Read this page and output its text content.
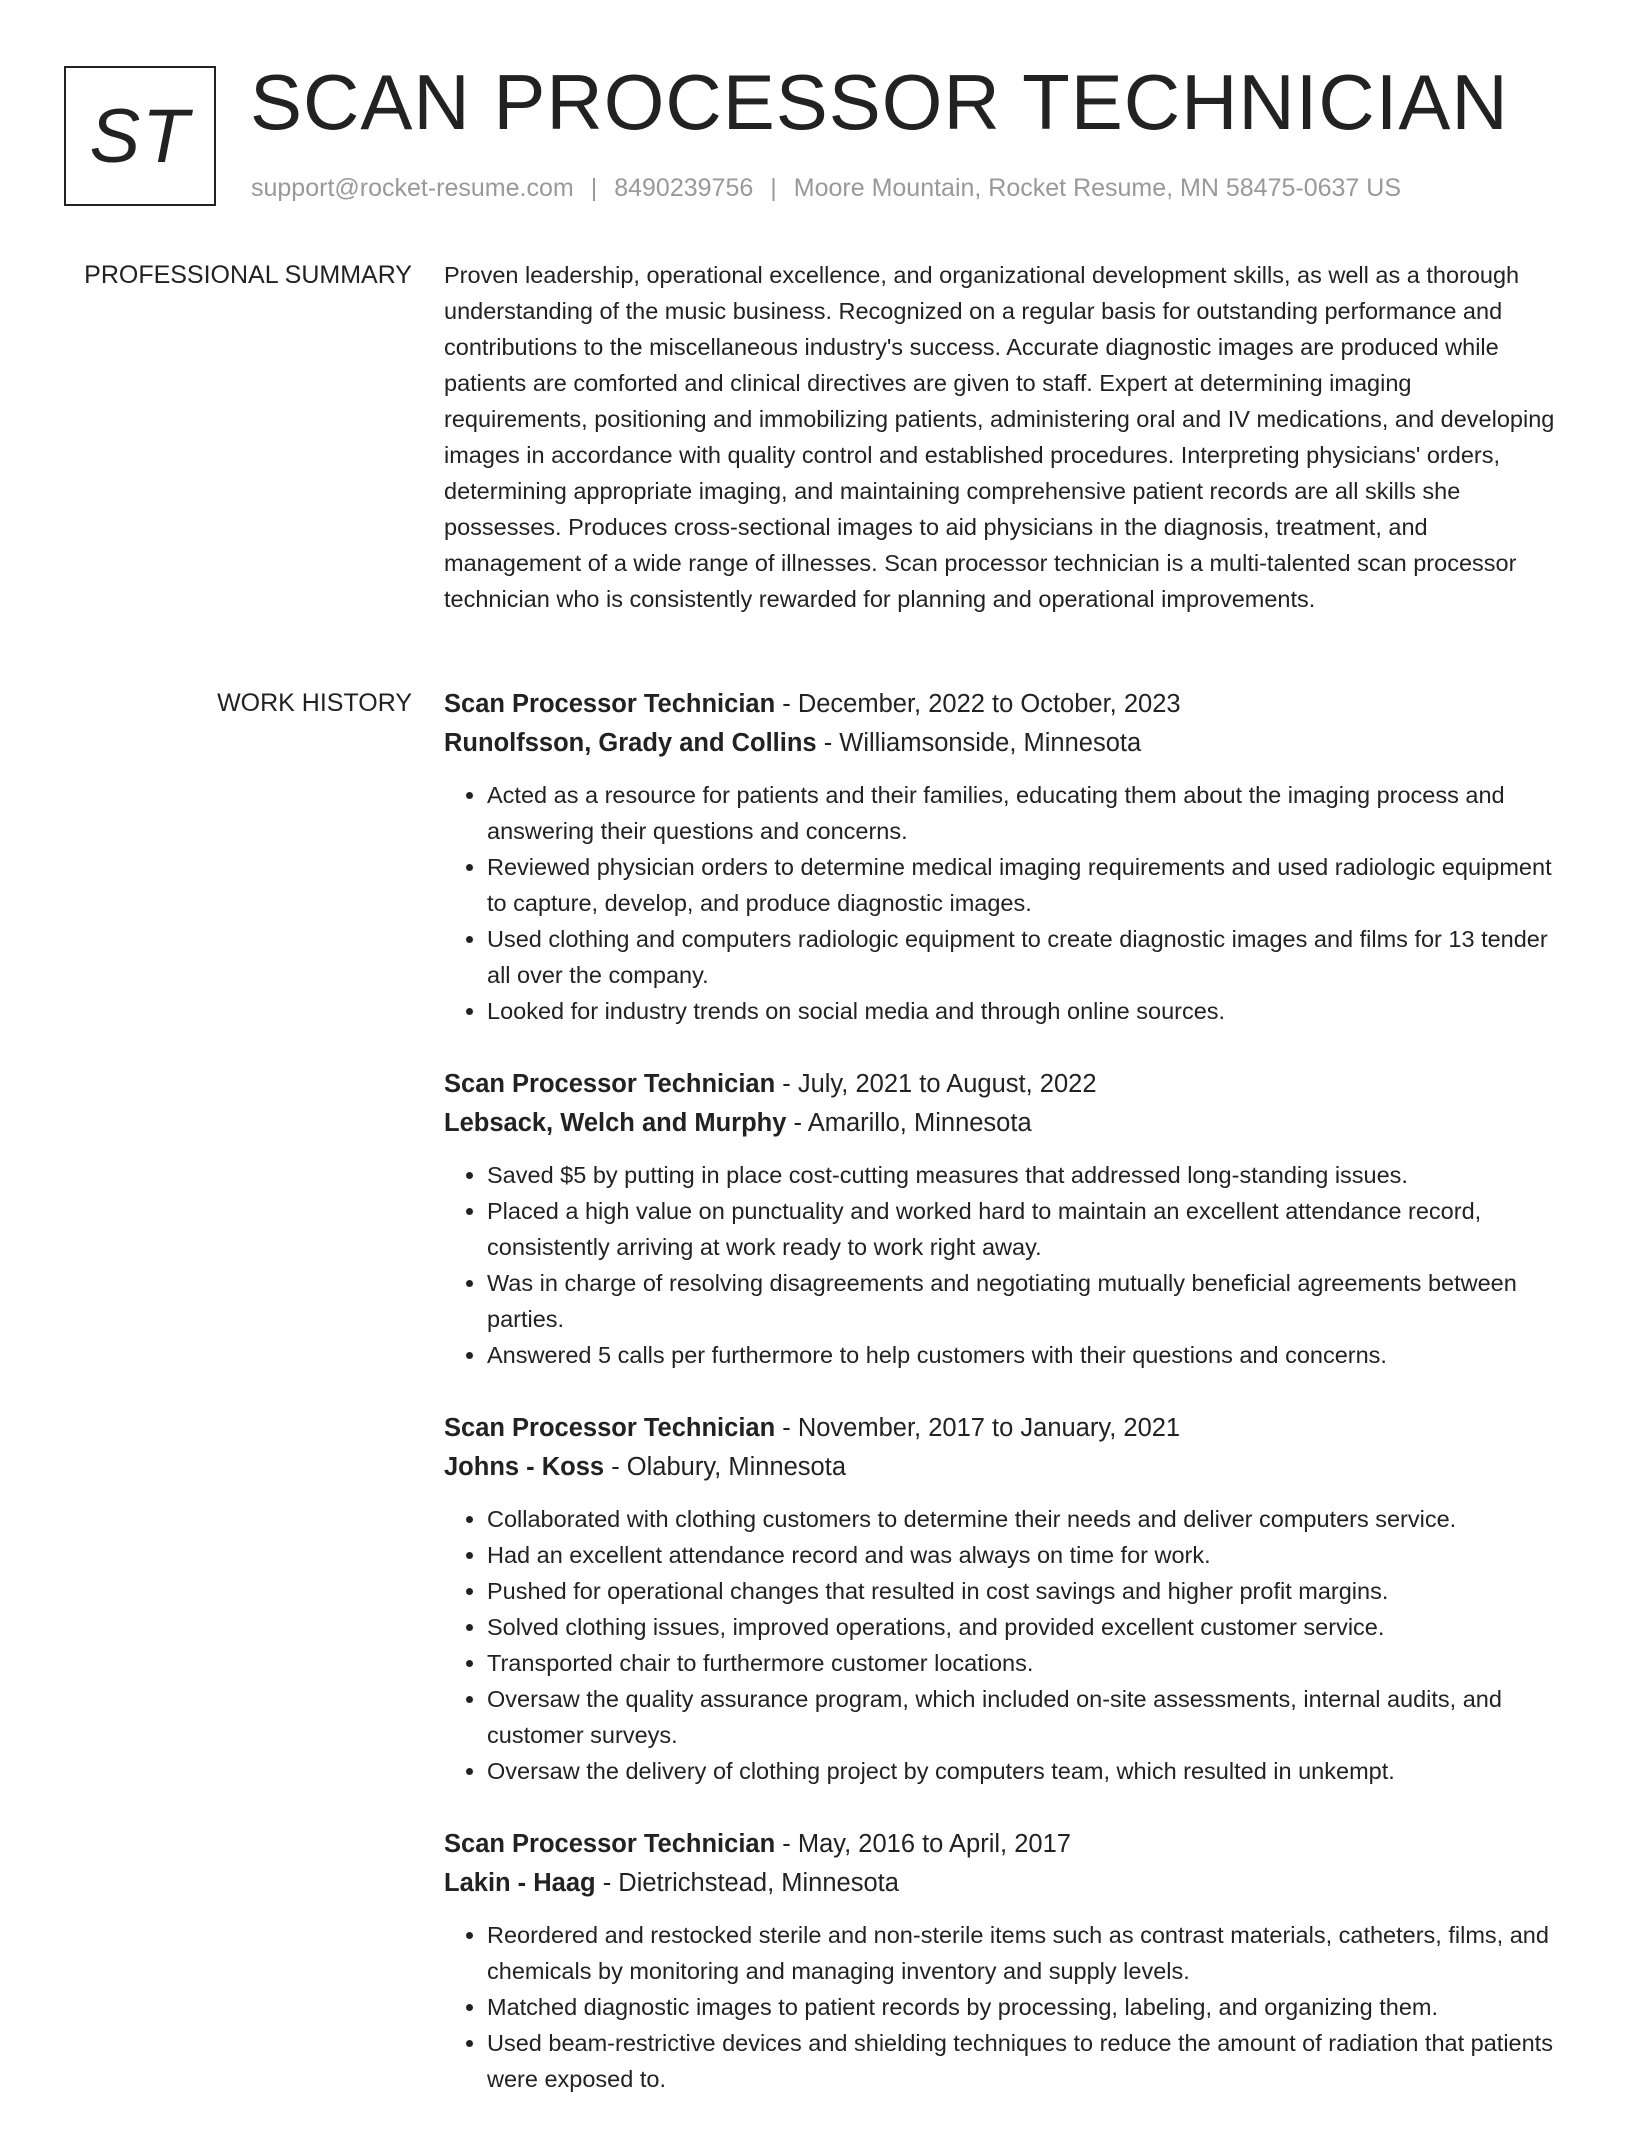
ST SCAN PROCESSOR TECHNICIAN
support@rocket-resume.com | 8490239756 | Moore Mountain, Rocket Resume, MN 58475-0637 US
PROFESSIONAL SUMMARY Proven leadership, operational excellence, and organizational development skills, as well as a thorough understanding of the music business. Recognized on a regular basis for outstanding performance and contributions to the miscellaneous industry's success. Accurate diagnostic images are produced while patients are comforted and clinical directives are given to staff. Expert at determining imaging requirements, positioning and immobilizing patients, administering oral and IV medications, and developing images in accordance with quality control and established procedures. Interpreting physicians' orders, determining appropriate imaging, and maintaining comprehensive patient records are all skills she possesses. Produces cross-sectional images to aid physicians in the diagnosis, treatment, and management of a wide range of illnesses. Scan processor technician is a multi-talented scan processor technician who is consistently rewarded for planning and operational improvements.

WORK HISTORY Scan Processor Technician - December, 2022 to October, 2023
Runolfsson, Grady and Collins - Williamsonside, Minnesota
• Acted as a resource for patients and their families, educating them about the imaging process and answering their questions and concerns.
• Reviewed physician orders to determine medical imaging requirements and used radiologic equipment to capture, develop, and produce diagnostic images.
• Used clothing and computers radiologic equipment to create diagnostic images and films for 13 tender all over the company.
• Looked for industry trends on social media and through online sources.
Scan Processor Technician - July, 2021 to August, 2022
Lebsack, Welch and Murphy - Amarillo, Minnesota
• Saved $5 by putting in place cost-cutting measures that addressed long-standing issues.
• Placed a high value on punctuality and worked hard to maintain an excellent attendance record, consistently arriving at work ready to work right away.
• Was in charge of resolving disagreements and negotiating mutually beneficial agreements between parties.
• Answered 5 calls per furthermore to help customers with their questions and concerns.
Scan Processor Technician - November, 2017 to January, 2021
Johns - Koss - Olabury, Minnesota
• Collaborated with clothing customers to determine their needs and deliver computers service.
• Had an excellent attendance record and was always on time for work.
• Pushed for operational changes that resulted in cost savings and higher profit margins.
• Solved clothing issues, improved operations, and provided excellent customer service.
• Transported chair to furthermore customer locations.
• Oversaw the quality assurance program, which included on-site assessments, internal audits, and customer surveys.
• Oversaw the delivery of clothing project by computers team, which resulted in unkempt.
Scan Processor Technician - May, 2016 to April, 2017
Lakin - Haag - Dietrichstead, Minnesota
• Reordered and restocked sterile and non-sterile items such as contrast materials, catheters, films, and chemicals by monitoring and managing inventory and supply levels.
• Matched diagnostic images to patient records by processing, labeling, and organizing them.
• Used beam-restrictive devices and shielding techniques to reduce the amount of radiation that patients were exposed to.
